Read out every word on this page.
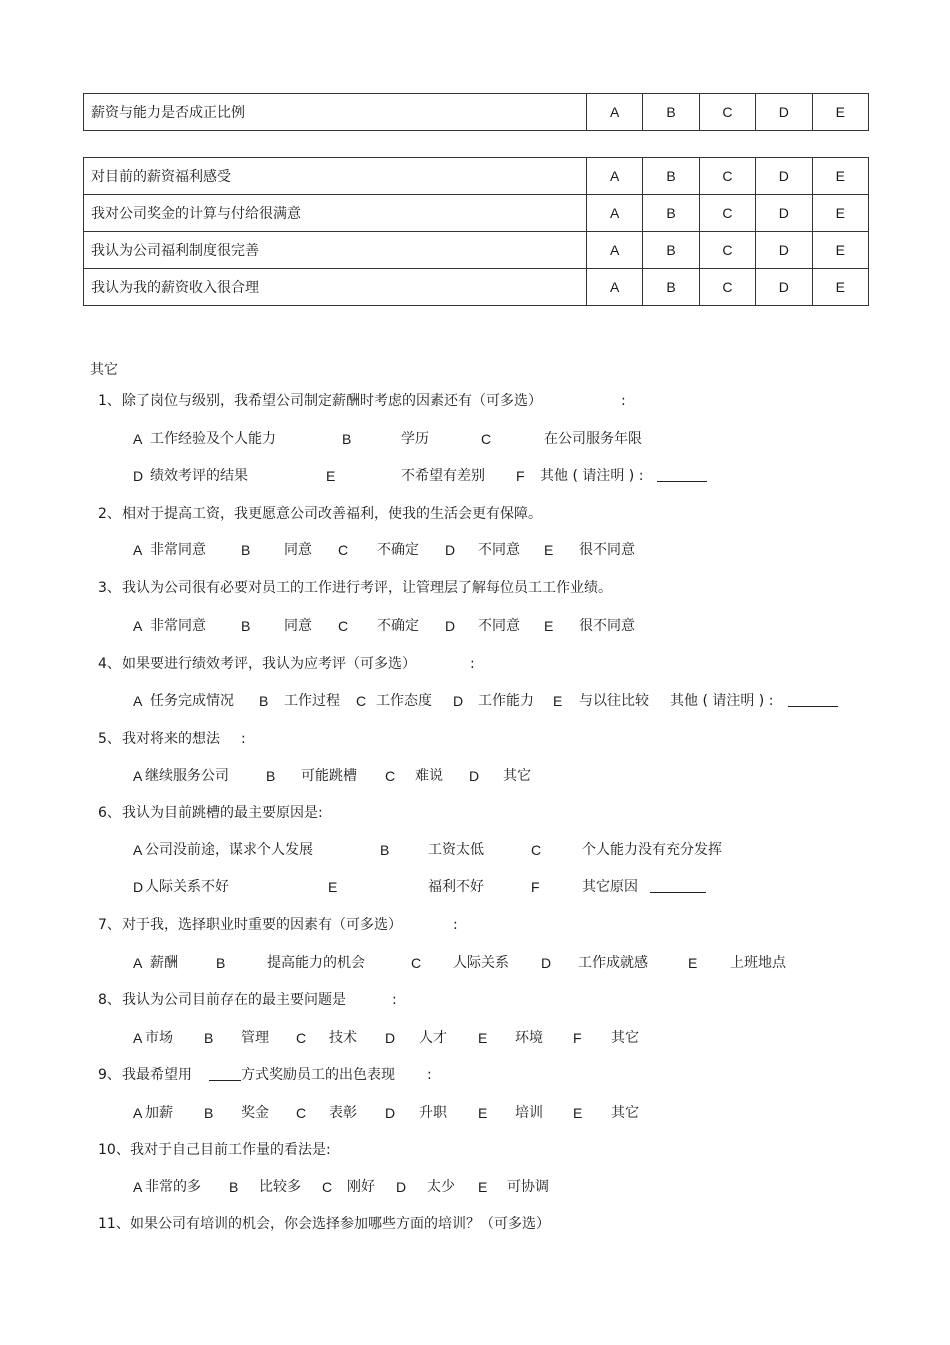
薪资与能力是否成正比例	A	B	C	D	E
对目前的薪资福利感受	A	B	C	D	E
我对公司奖金的计算与付给很满意	A	B	C	D	E
我认为公司福利制度很完善	A	B	C	D	E
我认为我的薪资收入很合理	A	B	C	D	E
其它
1、 除了岗位与级别，我希望公司制定薪酬时考虑的因素还有（可多选）	:
A 工作经验及个人能力	B	学历	C	在公司服务年限
D 绩效考评的结果	E	不希望有差别 F 其他 ( 请注明 ) :
2、 相对于提高工资，我更愿意公司改善福利，使我的生活会更有保障。
A 非常同意	B 同意 C 不确定 D 不同意 E 很不同意
3、 我认为公司很有必要对员工的工作进行考评，让管理层了解每位员工工作业绩。
A 非常同意	B 同意 C 不确定 D 不同意 E 很不同意
4、 如果要进行绩效考评，我认为应考评（可多选）	:
A 任务完成情况 B 工作过程 C 工作态度 D 工作能力 E 与以往比较 其他 ( 请注明 ) :
5、 我对将来的想法 :
A 继续服务公司	B 可能跳槽 C 难说 D 其它
6、 我认为目前跳槽的最主要原因是:
A 公司没前途，谋求个人发展	B	工资太低	C	个人能力没有充分发挥
D 人际关系不好	E	福利不好	F	其它原因
7、 对于我，选择职业时重要的因素有（可多选）	:
A 薪酬	B	提高能力的机会	C 人际关系 D 工作成就感	E 上班地点
8、 我认为公司目前存在的最主要问题是	:
A 市场 B 管理 C 技术 D 人才 E 环境 F 其它
9、 我最希望用	方式奖励员工的出色表现 :
A 加薪 B 奖金 C 表彰 D 升职 E 培训 E 其它
10、 我对于自己目前工作量的看法是:
A 非常的多 B 比较多 C 刚好 D 太少 E 可协调
11、 如果公司有培训的机会，你会选择参加哪些方面的培训？（可多选）
